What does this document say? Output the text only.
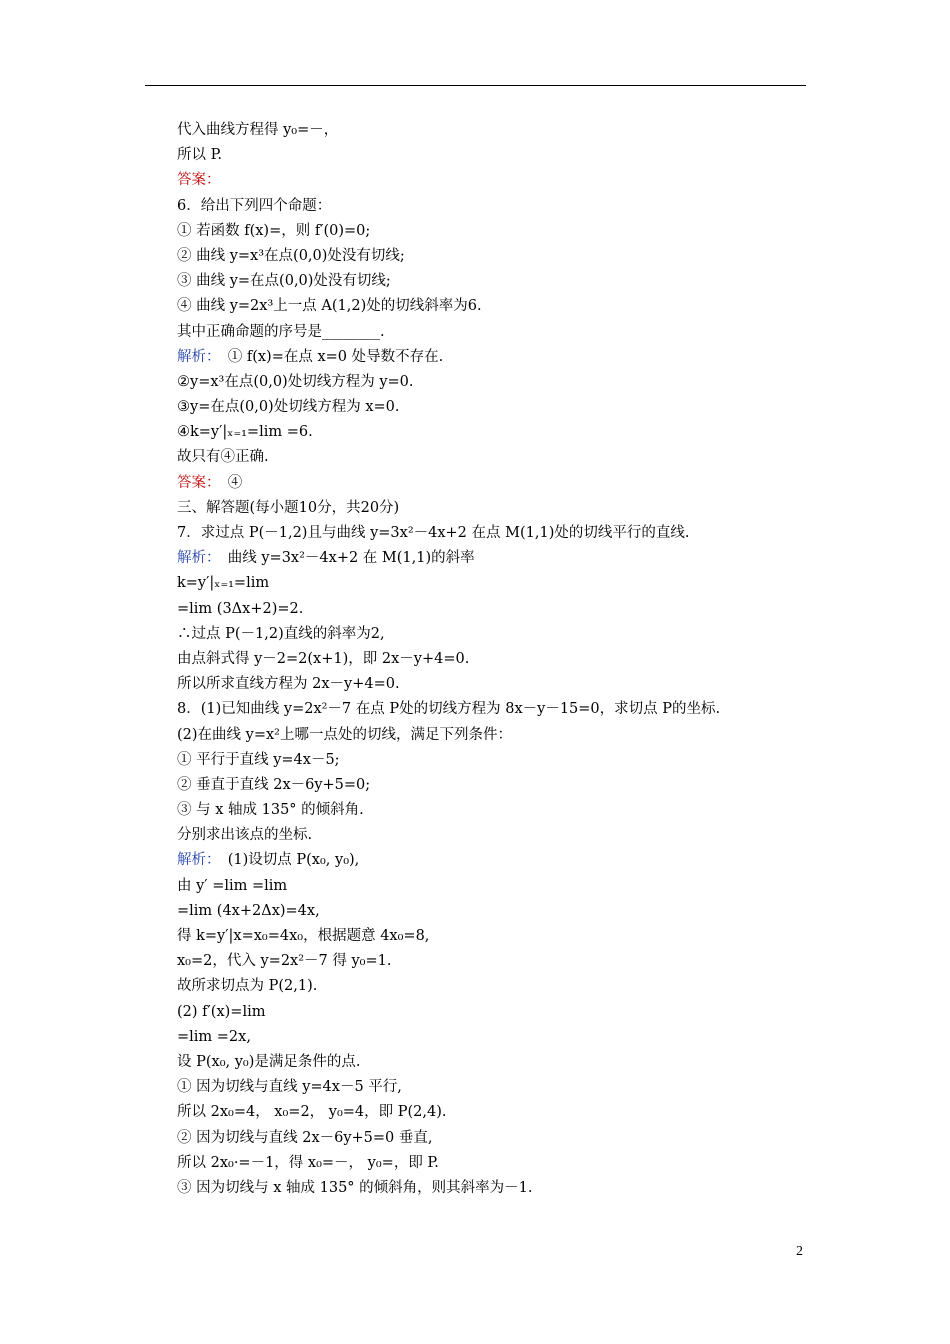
代入曲线方程得 y₀=－，
所以 P.
答案：
6．给出下列四个命题：
① 若函数 f(x)=，则 f′(0)=0;
② 曲线 y=x³在点(0,0)处没有切线;
③ 曲线 y=在点(0,0)处没有切线;
④ 曲线 y=2x³上一点 A(1,2)处的切线斜率为6.
其中正确命题的序号是________.
解析：　① f(x)=在点 x=0 处导数不存在.
②y=x³在点(0,0)处切线方程为 y=0.
③y=在点(0,0)处切线方程为 x=0.
④k=y′|ₓ₌₁=lim =6.
故只有④正确.
答案：　④
三、解答题(每小题10分，共20分)
7．求过点 P(－1,2)且与曲线 y=3x²－4x+2 在点 M(1,1)处的切线平行的直线.
解析：　曲线 y=3x²－4x+2 在 M(1,1)的斜率
k=y′|ₓ₌₁=lim
=lim (3Δx+2)=2.
∴过点 P(－1,2)直线的斜率为2,
由点斜式得 y－2=2(x+1)，即 2x－y+4=0.
所以所求直线方程为 2x－y+4=0.
8．(1)已知曲线 y=2x²－7 在点 P处的切线方程为 8x－y－15=0，求切点 P的坐标.
(2)在曲线 y=x²上哪一点处的切线，满足下列条件：
① 平行于直线 y=4x－5;
② 垂直于直线 2x－6y+5=0;
③ 与 x 轴成 135° 的倾斜角.
分别求出该点的坐标.
解析：　(1)设切点 P(x₀, y₀),
由 y′ =lim =lim
=lim (4x+2Δx)=4x,
得 k=y′|x=x₀=4x₀，根据题意 4x₀=8,
x₀=2，代入 y=2x²－7 得 y₀=1.
故所求切点为 P(2,1).
(2) f′(x)=lim
=lim =2x,
设 P(x₀, y₀)是满足条件的点.
① 因为切线与直线 y=4x－5 平行,
所以 2x₀=4， x₀=2， y₀=4，即 P(2,4).
② 因为切线与直线 2x－6y+5=0 垂直,
所以 2x₀·=－1，得 x₀=－， y₀=，即 P.
③ 因为切线与 x 轴成 135° 的倾斜角，则其斜率为－1.
2
